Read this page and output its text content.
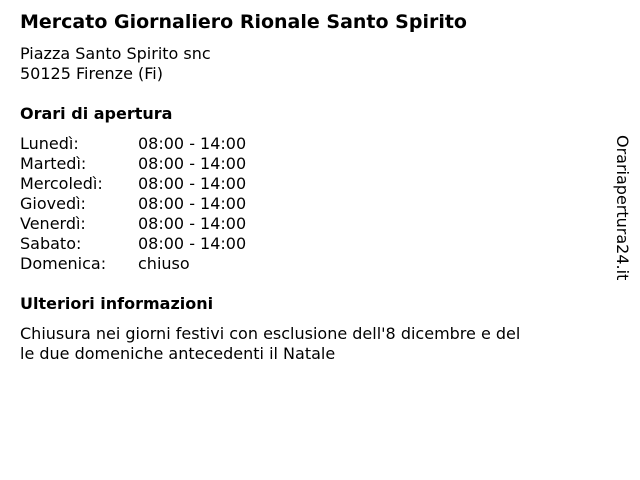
Mercato Giornaliero Rionale Santo Spirito
Piazza Santo Spirito snc
50125 Firenze (Fi)
Orari di apertura
Lunedì:	08:00 - 14:00
Martedì:	08:00 - 14:00
Mercoledì: 08:00 - 14:00
Giovedì:	08:00 - 14:00
Venerdì:	08:00 - 14:00
Sabato:	08:00 - 14:00
Domenica: chiuso
Ulteriori informazioni
Chiusura nei giorni festivi con esclusione dell'8 dicembre e del
le due domeniche antecedenti il Natale
Orariapertura24.it
